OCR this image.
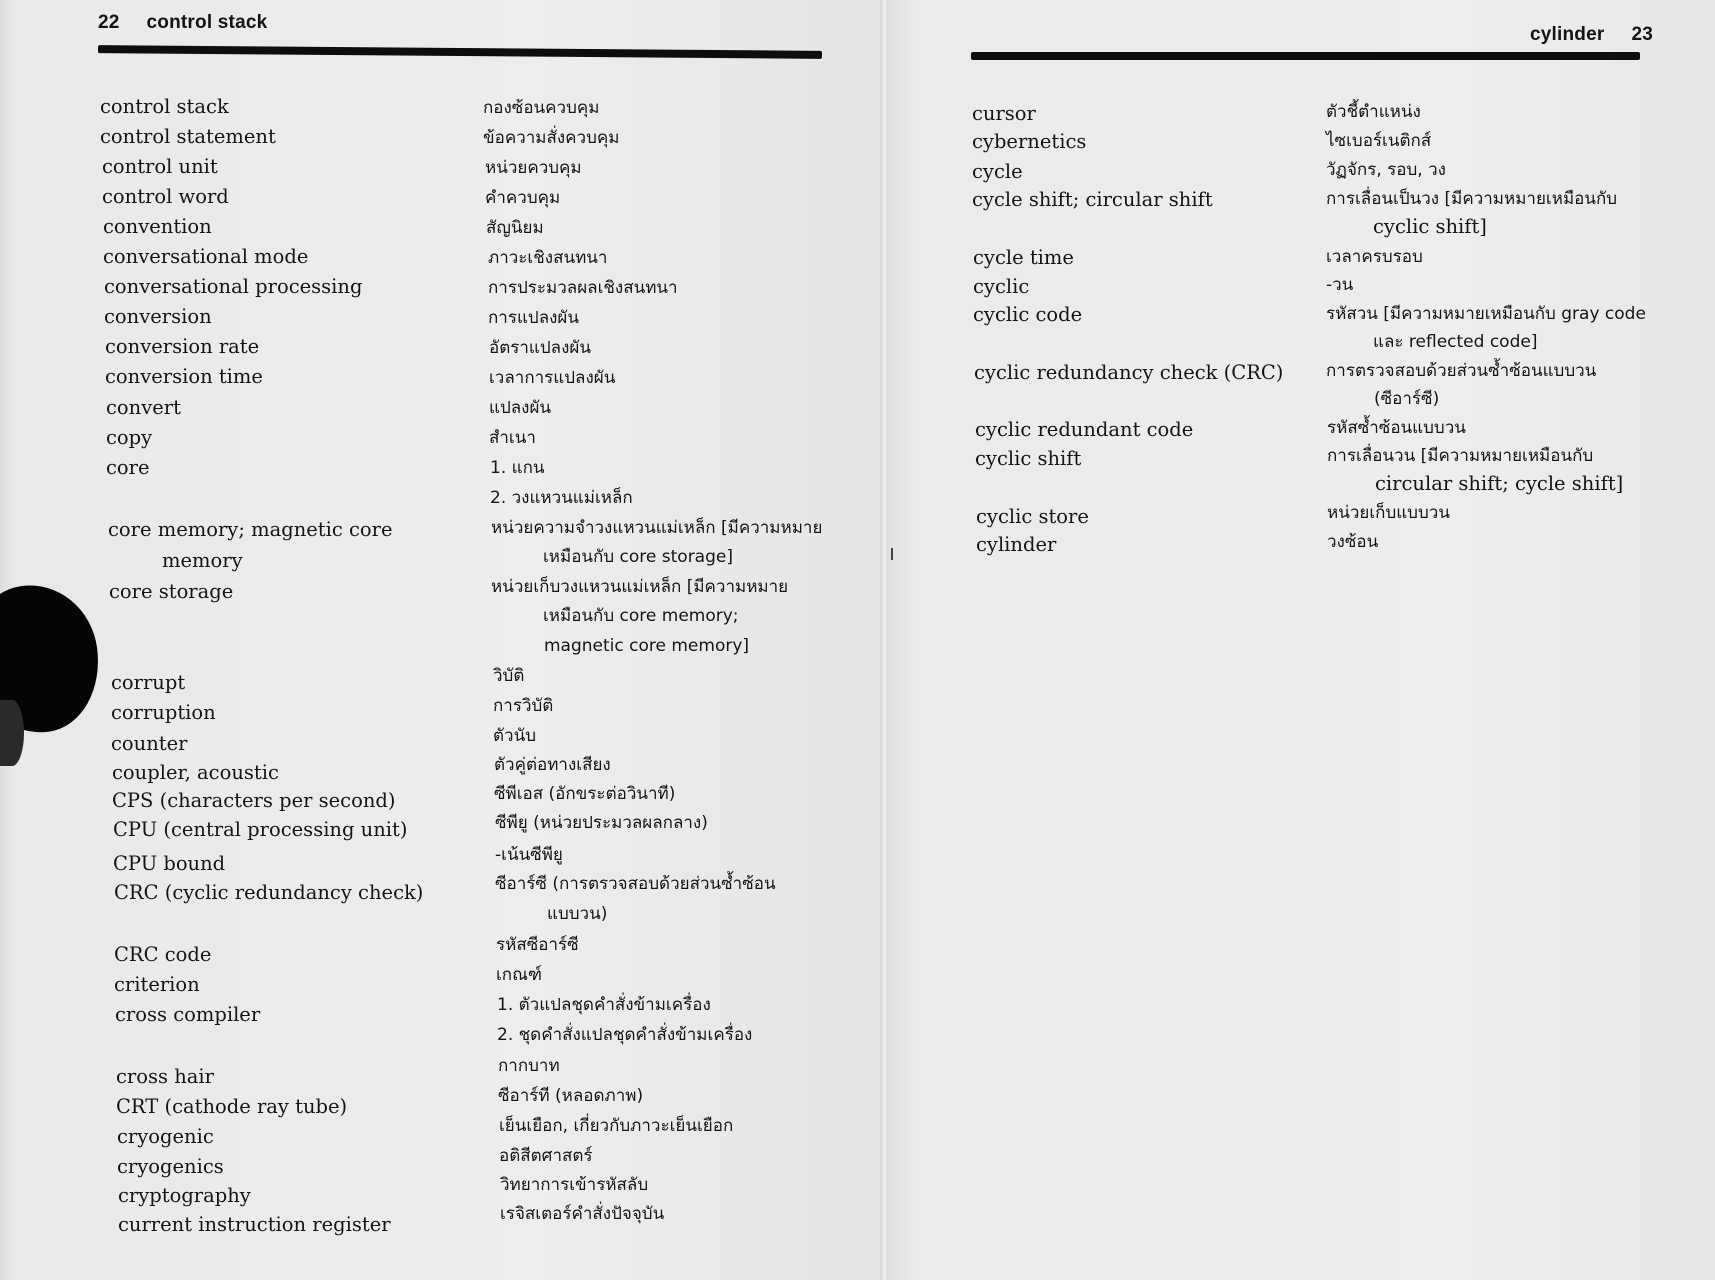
22 control stack
control stack
control statement
control unit
control word
convention
conversational mode
conversational processing
conversion
conversion rate
conversion time
convert
copy
core
core memory; magnetic core
memory
core storage
corrupt
corruption
counter
coupler, acoustic
CPS (characters per second)
CPU (central processing unit)
CPU bound
CRC (cyclic redundancy check)
CRC code
criterion
cross compiler
cross hair
CRT (cathode ray tube)
cryogenic
cryogenics
cryptography
current instruction register
กองซ้อนควบคุม
ข้อความสั่งควบคุม
หน่วยควบคุม
คำควบคุม
สัญนิยม
ภาวะเชิงสนทนา
การประมวลผลเชิงสนทนา
การแปลงผัน
อัตราแปลงผัน
เวลาการแปลงผัน
แปลงผัน
สำเนา
1. แกน
2. วงแหวนแม่เหล็ก
หน่วยความจำวงแหวนแม่เหล็ก [มีความหมาย
เหมือนกับ core storage]
หน่วยเก็บวงแหวนแม่เหล็ก [มีความหมาย
เหมือนกับ core memory;
magnetic core memory]
วิบัติ
การวิบัติ
ตัวนับ
ตัวคู่ต่อทางเสียง
ซีพีเอส (อักขระต่อวินาที)
ซีพียู (หน่วยประมวลผลกลาง)
-เน้นซีพียู
ซีอาร์ซี (การตรวจสอบด้วยส่วนซ้ำซ้อน
แบบวน)
รหัสซีอาร์ซี
เกณฑ์
1. ตัวแปลชุดคำสั่งข้ามเครื่อง
2. ชุดคำสั่งแปลชุดคำสั่งข้ามเครื่อง
กากบาท
ซีอาร์ที (หลอดภาพ)
เย็นเยือก, เกี่ยวกับภาวะเย็นเยือก
อติสีตศาสตร์
วิทยาการเข้ารหัสลับ
เรจิสเตอร์คำสั่งปัจจุบัน
cylinder 23
cursor
cybernetics
cycle
cycle shift; circular shift
cycle time
cyclic
cyclic code
cyclic redundancy check (CRC)
cyclic redundant code
cyclic shift
cyclic store
cylinder
ตัวชี้ตำแหน่ง
ไซเบอร์เนติกส์
วัฏจักร, รอบ, วง
การเลื่อนเป็นวง [มีความหมายเหมือนกับ
cyclic shift]
เวลาครบรอบ
-วน
รหัสวน [มีความหมายเหมือนกับ gray code
และ reflected code]
การตรวจสอบด้วยส่วนซ้ำซ้อนแบบวน
(ซีอาร์ซี)
รหัสซ้ำซ้อนแบบวน
การเลื่อนวน [มีความหมายเหมือนกับ
circular shift; cycle shift]
หน่วยเก็บแบบวน
วงซ้อน
